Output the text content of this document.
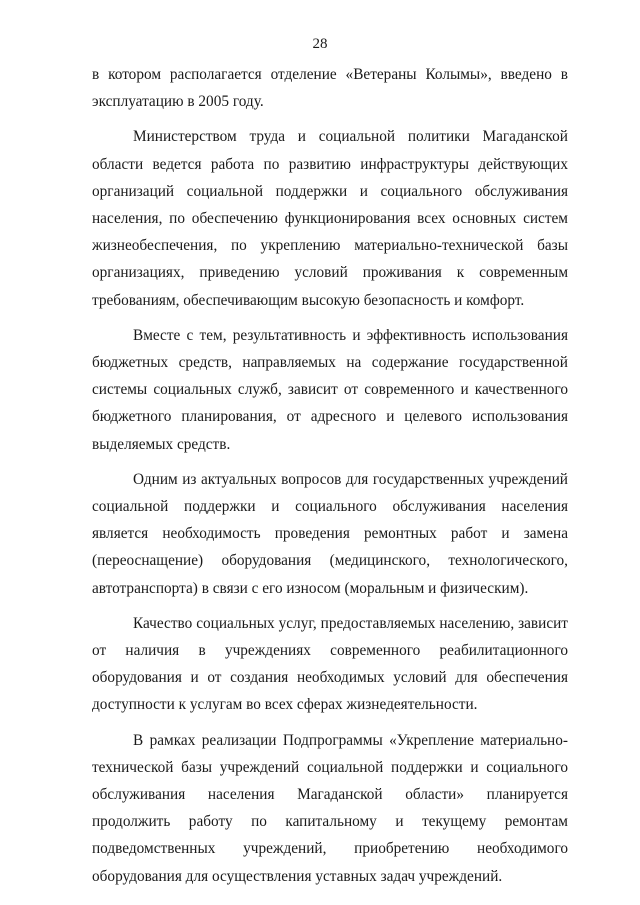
28

в котором располагается отделение «Ветераны Колымы», введено в эксплуатацию в 2005 году.

Министерством труда и социальной политики Магаданской области ведется работа по развитию инфраструктуры действующих организаций социальной поддержки и социального обслуживания населения, по обеспечению функционирования всех основных систем жизнеобеспечения, по укреплению материально-технической базы организациях, приведению условий проживания к современным требованиям, обеспечивающим высокую безопасность и комфорт.

Вместе с тем, результативность и эффективность использования бюджетных средств, направляемых на содержание государственной системы социальных служб, зависит от современного и качественного бюджетного планирования, от адресного и целевого использования выделяемых средств.

Одним из актуальных вопросов для государственных учреждений социальной поддержки и социального обслуживания населения является необходимость проведения ремонтных работ и замена (переоснащение) оборудования (медицинского, технологического, автотранспорта) в связи с его износом (моральным и физическим).

Качество социальных услуг, предоставляемых населению, зависит от наличия в учреждениях современного реабилитационного оборудования и от создания необходимых условий для обеспечения доступности к услугам во всех сферах жизнедеятельности.

В рамках реализации Подпрограммы «Укрепление материально-технической базы учреждений социальной поддержки и социального обслуживания населения Магаданской области» планируется продолжить работу по капитальному и текущему ремонтам подведомственных учреждений, приобретению необходимого оборудования для осуществления уставных задач учреждений.
